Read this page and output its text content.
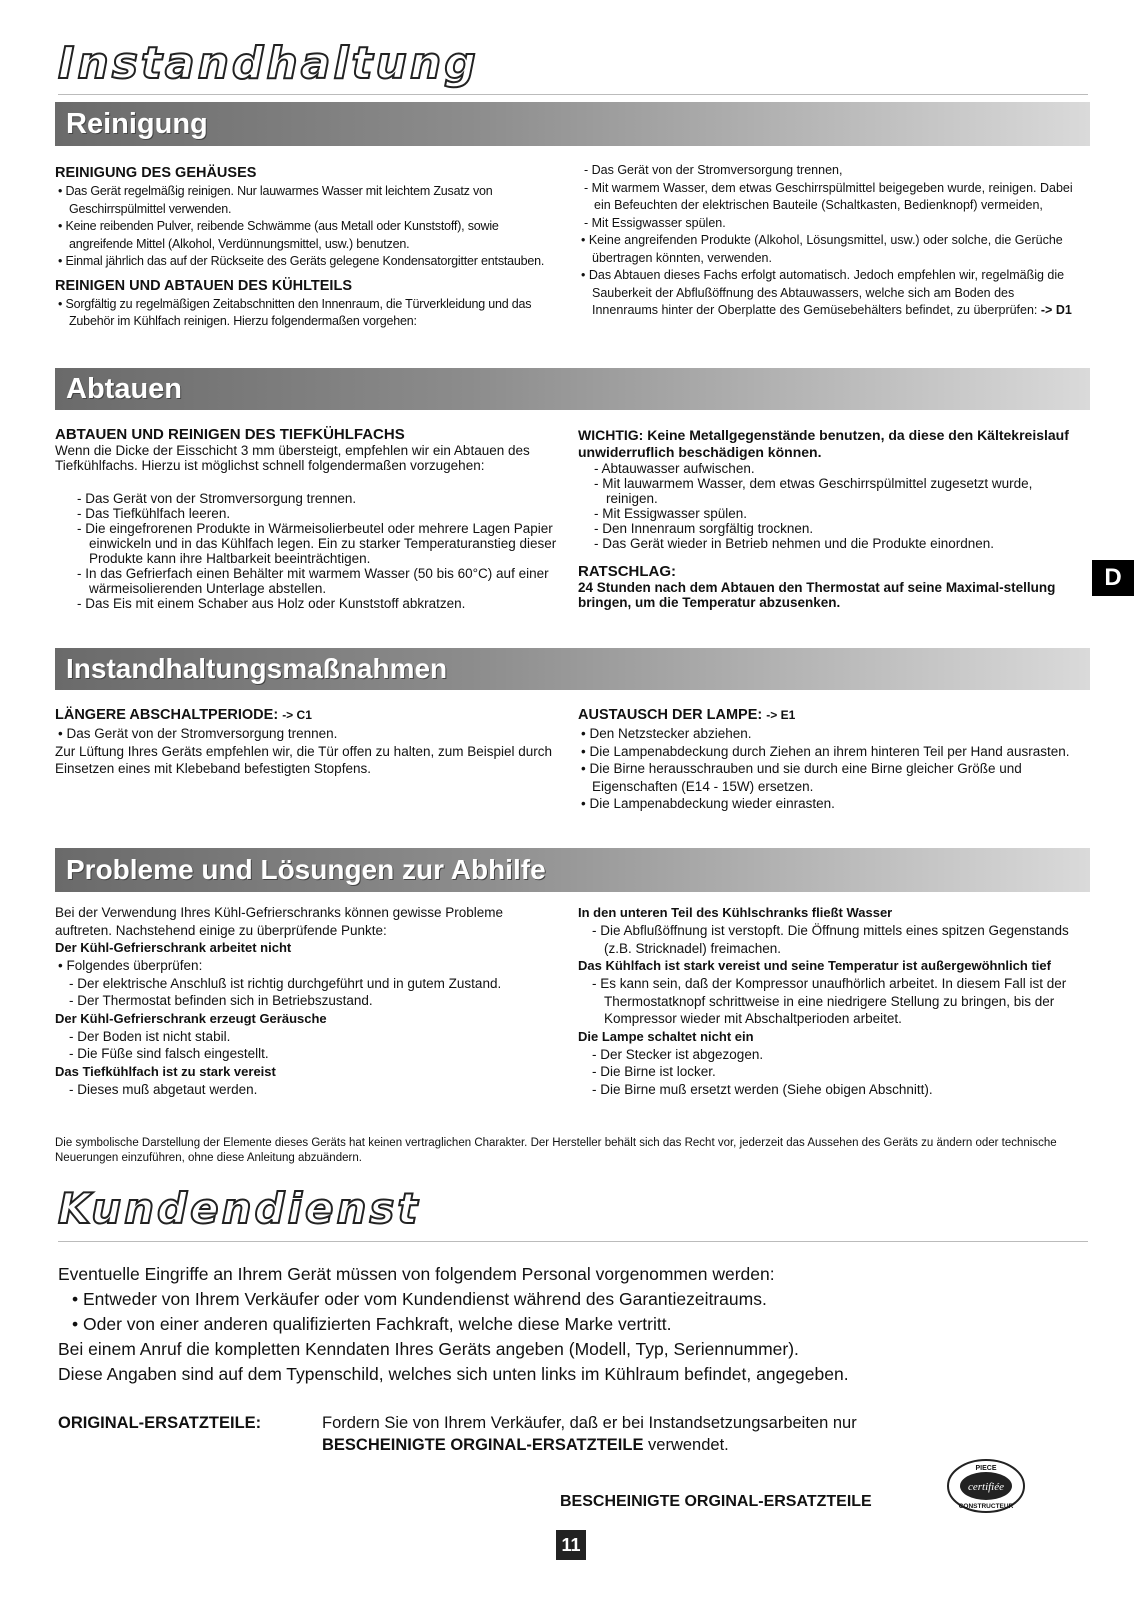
Instandhaltung
Reinigung
REINIGUNG DES GEHÄUSES
• Das Gerät regelmäßig reinigen. Nur lauwarmes Wasser mit leichtem Zusatz von Geschirrspülmittel verwenden.
• Keine reibenden Pulver, reibende Schwämme (aus Metall oder Kunststoff), sowie angreifende Mittel (Alkohol, Verdünnungsmittel, usw.) benutzen.
• Einmal jährlich das auf der Rückseite des Geräts gelegene Kondensatorgitter entstauben.
REINIGEN UND ABTAUEN DES KÜHLTEILS
• Sorgfältig zu regelmäßigen Zeitabschnitten den Innenraum, die Türverkleidung und das Zubehör im Kühlfach reinigen. Hierzu folgendermaßen vorgehen:
- Das Gerät von der Stromversorgung trennen,
- Mit warmem Wasser, dem etwas Geschirrspülmittel beigegeben wurde, reinigen. Dabei ein Befeuchten der elektrischen Bauteile (Schaltkasten, Bedienknopf) vermeiden,
- Mit Essigwasser spülen.
• Keine angreifenden Produkte (Alkohol, Lösungsmittel, usw.) oder solche, die Gerüche übertragen könnten, verwenden.
• Das Abtauen dieses Fachs erfolgt automatisch. Jedoch empfehlen wir, regelmäßig die Sauberkeit der Abflußöffnung des Abtauwassers, welche sich am Boden des Innenraums hinter der Oberplatte des Gemüsebehälters befindet, zu überprüfen: -> D1
Abtauen
ABTAUEN UND REINIGEN DES TIEFKÜHLFACHS

Wenn die Dicke der Eisschicht 3 mm übersteigt, empfehlen wir ein Abtauen des Tiefkühlfachs. Hierzu ist möglichst schnell folgendermaßen vorzugehen:

- Das Gerät von der Stromversorgung trennen.
- Das Tiefkühlfach leeren.
- Die eingefrorenen Produkte in Wärmeisolierbeutel oder mehrere Lagen Papier einwickeln und in das Kühlfach legen. Ein zu starker Temperaturanstieg dieser Produkte kann ihre Haltbarkeit beeinträchtigen.
- In das Gefrierfach einen Behälter mit warmem Wasser (50 bis 60°C) auf einer wärmeisolierenden Unterlage abstellen.
- Das Eis mit einem Schaber aus Holz oder Kunststoff abkratzen.

WICHTIG: Keine Metallgegenstände benutzen, da diese den Kältekreislauf unwiderruflich beschädigen können.

- Abtauwasser aufwischen.
- Mit lauwarmem Wasser, dem etwas Geschirrspülmittel zugesetzt wurde, reinigen.
- Mit Essigwasser spülen.
- Den Innenraum sorgfältig trocknen.
- Das Gerät wieder in Betrieb nehmen und die Produkte einordnen.
RATSCHLAG:

24 Stunden nach dem Abtauen den Thermostat auf seine Maximal-stellung bringen, um die Temperatur abzusenken.

D
Instandhaltungsmaßnahmen
LÄNGERE ABSCHALTPERIODE: -> C1
• Das Gerät von der Stromversorgung trennen.

Zur Lüftung Ihres Geräts empfehlen wir, die Tür offen zu halten, zum Beispiel durch Einsetzen eines mit Klebeband befestigten Stopfens.

AUSTAUSCH DER LAMPE: -> E1
• Den Netzstecker abziehen.
• Die Lampenabdeckung durch Ziehen an ihrem hinteren Teil per Hand ausrasten.
• Die Birne herausschrauben und sie durch eine Birne gleicher Größe und Eigenschaften (E14 - 15W) ersetzen.
• Die Lampenabdeckung wieder einrasten.
Probleme und Lösungen zur Abhilfe

Bei der Verwendung Ihres Kühl-Gefrierschranks können gewisse Probleme auftreten. Nachstehend einige zu überprüfende Punkte:

Der Kühl-Gefrierschrank arbeitet nicht
• Folgendes überprüfen:
- Der elektrische Anschluß ist richtig durchgeführt und in gutem Zustand.
- Der Thermostat befinden sich in Betriebszustand.
Der Kühl-Gefrierschrank erzeugt Geräusche
- Der Boden ist nicht stabil.
- Die Füße sind falsch eingestellt.
Das Tiefkühlfach ist zu stark vereist
- Dieses muß abgetaut werden.
In den unteren Teil des Kühlschranks fließt Wasser
- Die Abflußöffnung ist verstopft. Die Öffnung mittels eines spitzen Gegenstands (z.B. Stricknadel) freimachen.
Das Kühlfach ist stark vereist und seine Temperatur ist außergewöhnlich tief
- Es kann sein, daß der Kompressor unaufhörlich arbeitet. In diesem Fall ist der Thermostatknopf schrittweise in eine niedrigere Stellung zu bringen, bis der Kompressor wieder mit Abschaltperioden arbeitet.
Die Lampe schaltet nicht ein
- Der Stecker ist abgezogen.
- Die Birne ist locker.
- Die Birne muß ersetzt werden (Siehe obigen Abschnitt).
Die symbolische Darstellung der Elemente dieses Geräts hat keinen vertraglichen Charakter. Der Hersteller behält sich das Recht vor, jederzeit das Aussehen des Geräts zu ändern oder technische Neuerungen einzuführen, ohne diese Anleitung abzuändern.
Kundendienst
Eventuelle Eingriffe an Ihrem Gerät müssen von folgendem Personal vorgenommen werden:
• Entweder von Ihrem Verkäufer oder vom Kundendienst während des Garantiezeitraums.
• Oder von einer anderen qualifizierten Fachkraft, welche diese Marke vertritt.
Bei einem Anruf die kompletten Kenndaten Ihres Geräts angeben (Modell, Typ, Seriennummer).
Diese Angaben sind auf dem Typenschild, welches sich unten links im Kühlraum befindet, angegeben.
ORIGINAL-ERSATZTEILE:	Fordern Sie von Ihrem Verkäufer, daß er bei Instandsetzungsarbeiten nur
BESCHEINIGTE ORGINAL-ERSATZTEILE verwendet.
BESCHEINIGTE ORGINAL-ERSATZTEILE
PIECE
certifiée
CONSTRUCTEUR
11
